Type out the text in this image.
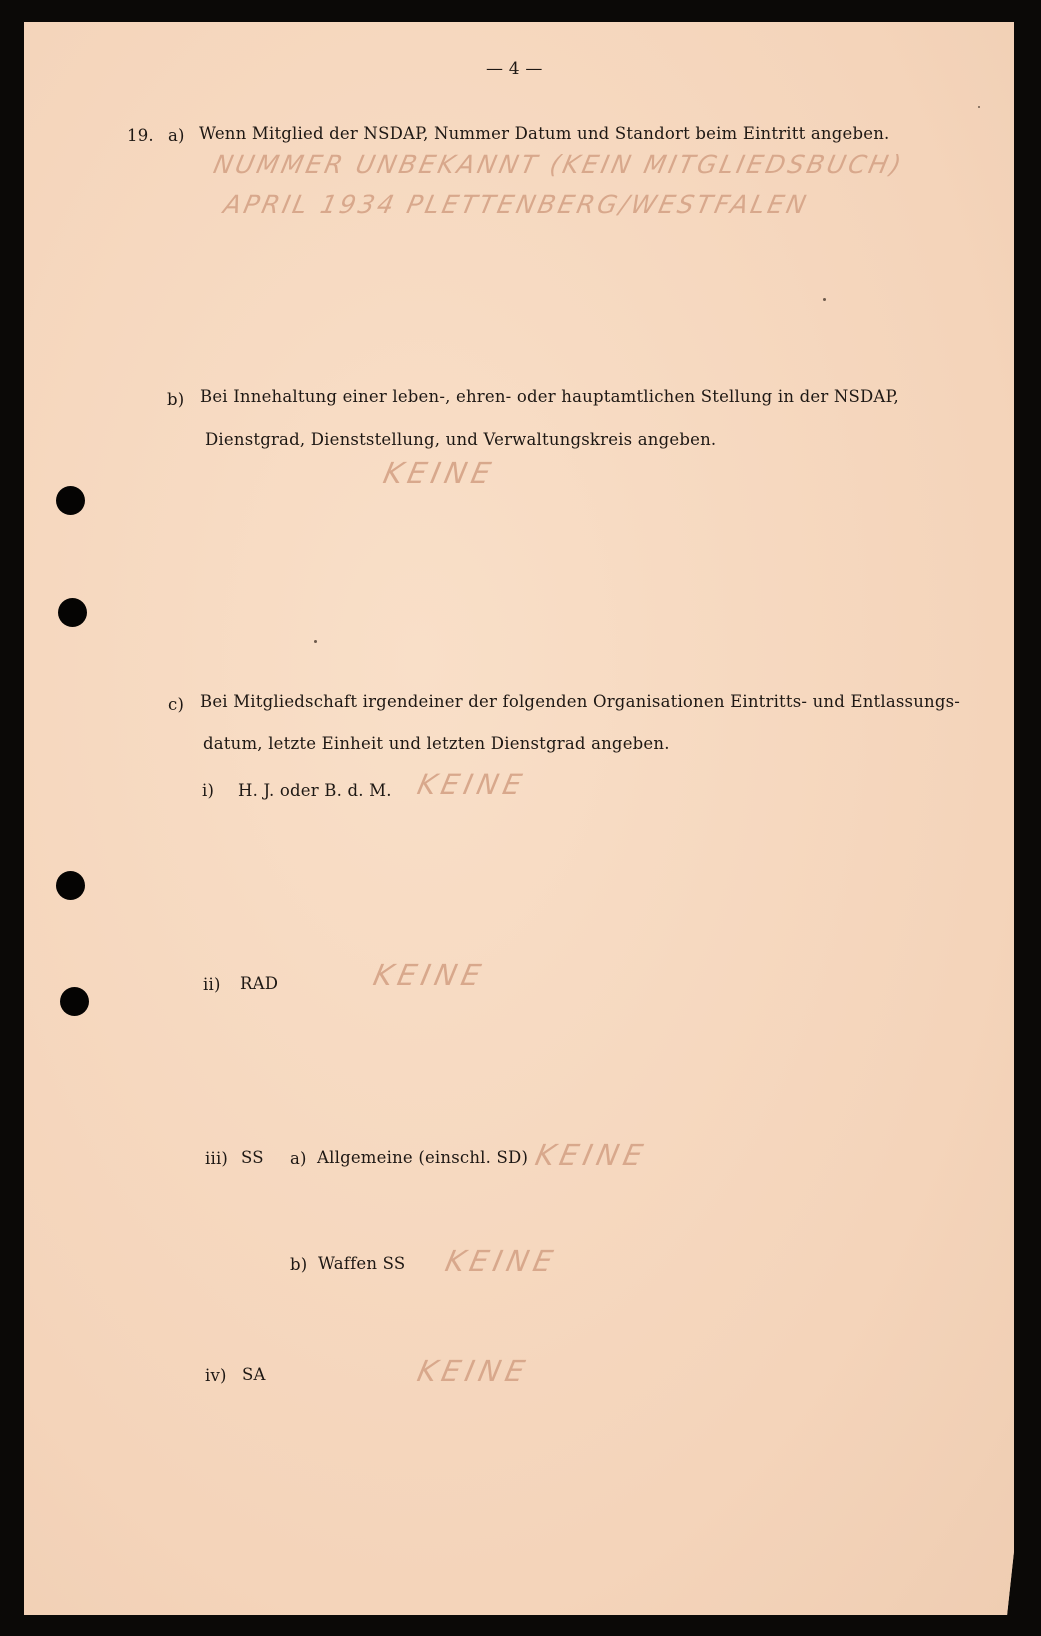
— 4 —
19. a) Wenn Mitglied der NSDAP, Nummer Datum und Standort beim Eintritt angeben.
NUMMER UNBEKANNT (KEIN MITGLIEDSBUCH)
APRIL 1934 PLETTENBERG/WESTFALEN
b) Bei Innehaltung einer leben-, ehren- oder hauptamtlichen Stellung in der NSDAP,
Dienstgrad, Dienststellung, und Verwaltungskreis angeben.
KEINE
c) Bei Mitgliedschaft irgendeiner der folgenden Organisationen Eintritts- und Entlassungs-
datum, letzte Einheit und letzten Dienstgrad angeben.
i) H. J. oder B. d. M. KEINE
ii) RAD	KEINE
iii) SS a) Allgemeine (einschl. SD) KEINE
b) Waffen SS KEINE
iv) SA	KEINE
